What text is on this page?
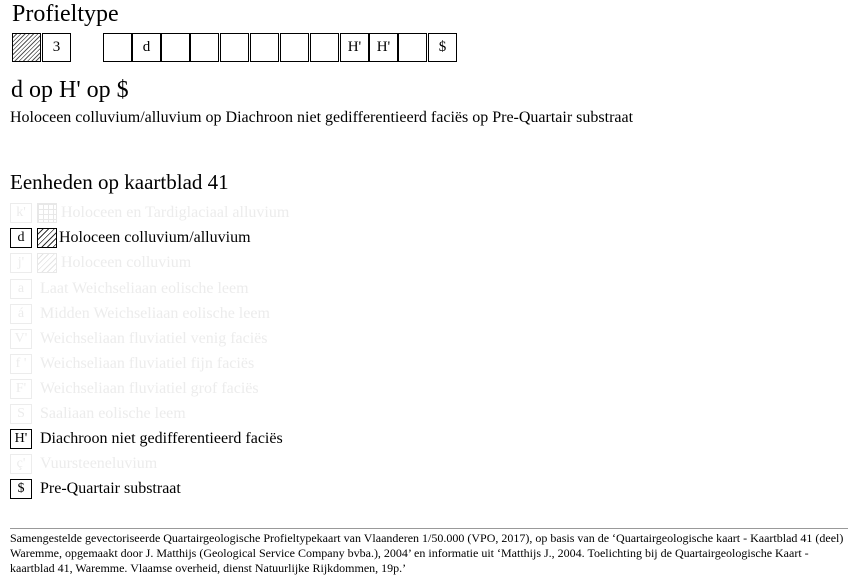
Profieltype
3	d	H'	H'	$
d op H' op $
Holoceen colluvium/alluvium op Diachroon niet gedifferentieerd faciës op Pre-Quartair substraat
Eenheden op kaartblad 41
k'	Holoceen en Tardiglaciaal alluvium
d	Holoceen colluvium/alluvium
j'	Holoceen colluvium
a Laat Weichseliaan eolische leem
á Midden Weichseliaan eolische leem
V' Weichseliaan fluviatiel venig faciës
f ' Weichseliaan fluviatiel fijn faciës
F' Weichseliaan fluviatiel grof faciës
S Saaliaan eolische leem
H' Diachroon niet gedifferentieerd faciës
ç' Vuursteeneluvium
$ Pre-Quartair substraat
Samengestelde gevectoriseerde Quartairgeologische Profieltypekaart van Vlaanderen 1/50.000 (VPO, 2017), op basis van de ‘Quartairgeologische kaart - Kaartblad 41 (deel) Waremme, opgemaakt door J. Matthijs (Geological Service Company bvba.), 2004’ en informatie uit ‘Matthijs J., 2004. Toelichting bij de Quartairgeologische Kaart - kaartblad 41, Waremme. Vlaamse overheid, dienst Natuurlijke Rijkdommen, 19p.’
